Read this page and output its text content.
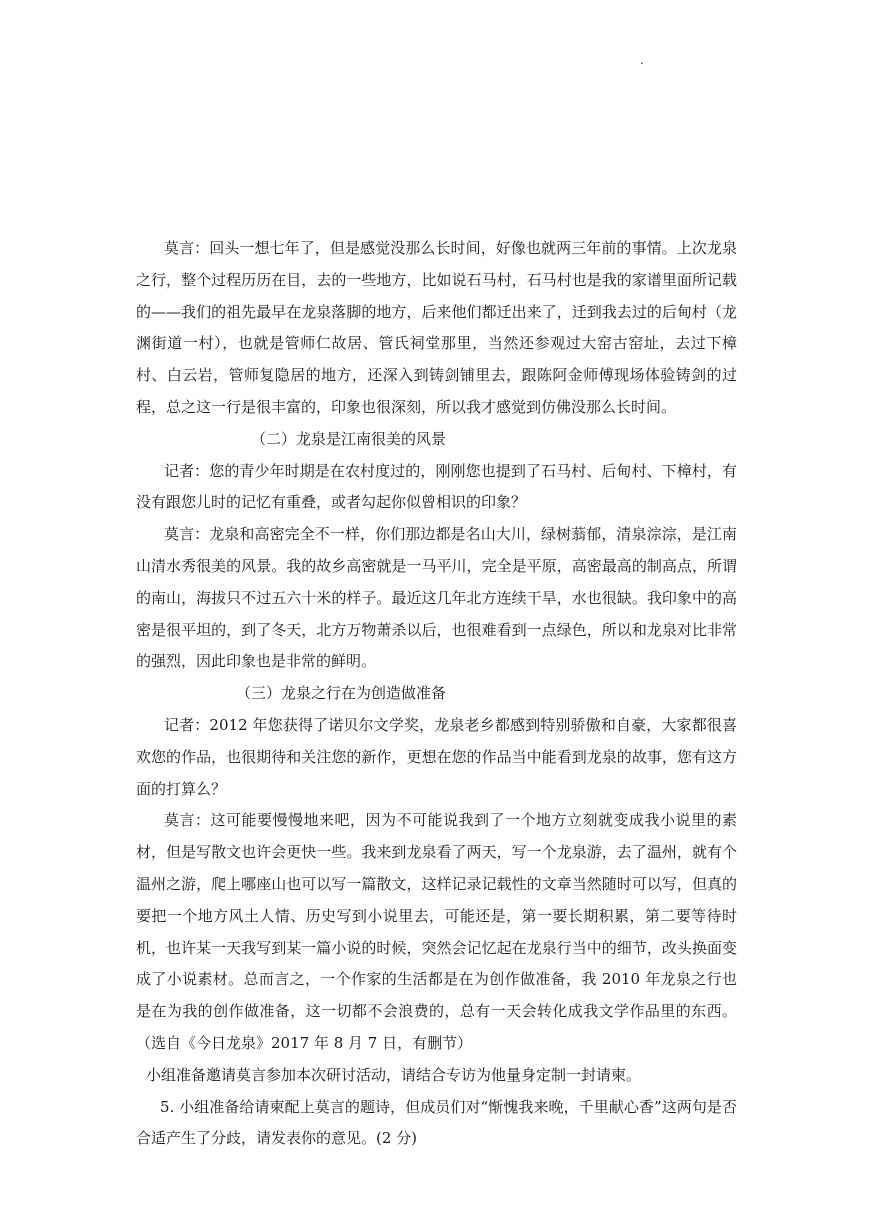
.

莫言：回头一想七年了，但是感觉没那么长时间，好像也就两三年前的事情。上次龙泉之行，整个过程历历在目，去的一些地方，比如说石马村，石马村也是我的家谱里面所记载的——我们的祖先最早在龙泉落脚的地方，后来他们都迁出来了，迁到我去过的后甸村（龙渊街道一村），也就是管师仁故居、管氏祠堂那里，当然还参观过大窑古窑址，去过下樟村、白云岩，管师复隐居的地方，还深入到铸剑铺里去，跟陈阿金师傅现场体验铸剑的过程，总之这一行是很丰富的，印象也很深刻，所以我才感觉到仿佛没那么长时间。

（二）龙泉是江南很美的风景

记者：您的青少年时期是在农村度过的，刚刚您也提到了石马村、后甸村、下樟村，有没有跟您儿时的记忆有重叠，或者勾起你似曾相识的印象？

莫言：龙泉和高密完全不一样，你们那边都是名山大川，绿树蓊郁，清泉淙淙，是江南山清水秀很美的风景。我的故乡高密就是一马平川，完全是平原，高密最高的制高点，所谓的南山，海拔只不过五六十米的样子。最近这几年北方连续干旱，水也很缺。我印象中的高密是很平坦的，到了冬天，北方万物萧杀以后，也很难看到一点绿色，所以和龙泉对比非常的强烈，因此印象也是非常的鲜明。

（三）龙泉之行在为创造做准备

记者：2012 年您获得了诺贝尔文学奖，龙泉老乡都感到特别骄傲和自豪，大家都很喜欢您的作品，也很期待和关注您的新作，更想在您的作品当中能看到龙泉的故事，您有这方面的打算么？

莫言：这可能要慢慢地来吧，因为不可能说我到了一个地方立刻就变成我小说里的素材，但是写散文也许会更快一些。我来到龙泉看了两天，写一个龙泉游，去了温州，就有个温州之游，爬上哪座山也可以写一篇散文，这样记录记载性的文章当然随时可以写，但真的要把一个地方风土人情、历史写到小说里去，可能还是，第一要长期积累，第二要等待时机，也许某一天我写到某一篇小说的时候，突然会记忆起在龙泉行当中的细节，改头换面变成了小说素材。总而言之，一个作家的生活都是在为创作做准备，我 2010 年龙泉之行也是在为我的创作做准备，这一切都不会浪费的，总有一天会转化成我文学作品里的东西。（选自《今日龙泉》2017 年 8 月 7 日，有删节）

小组准备邀请莫言参加本次研讨活动，请结合专访为他量身定制一封请柬。

5. 小组准备给请柬配上莫言的题诗，但成员们对“惭愧我来晚，千里献心香”这两句是否合适产生了分歧，请发表你的意见。(2 分)
